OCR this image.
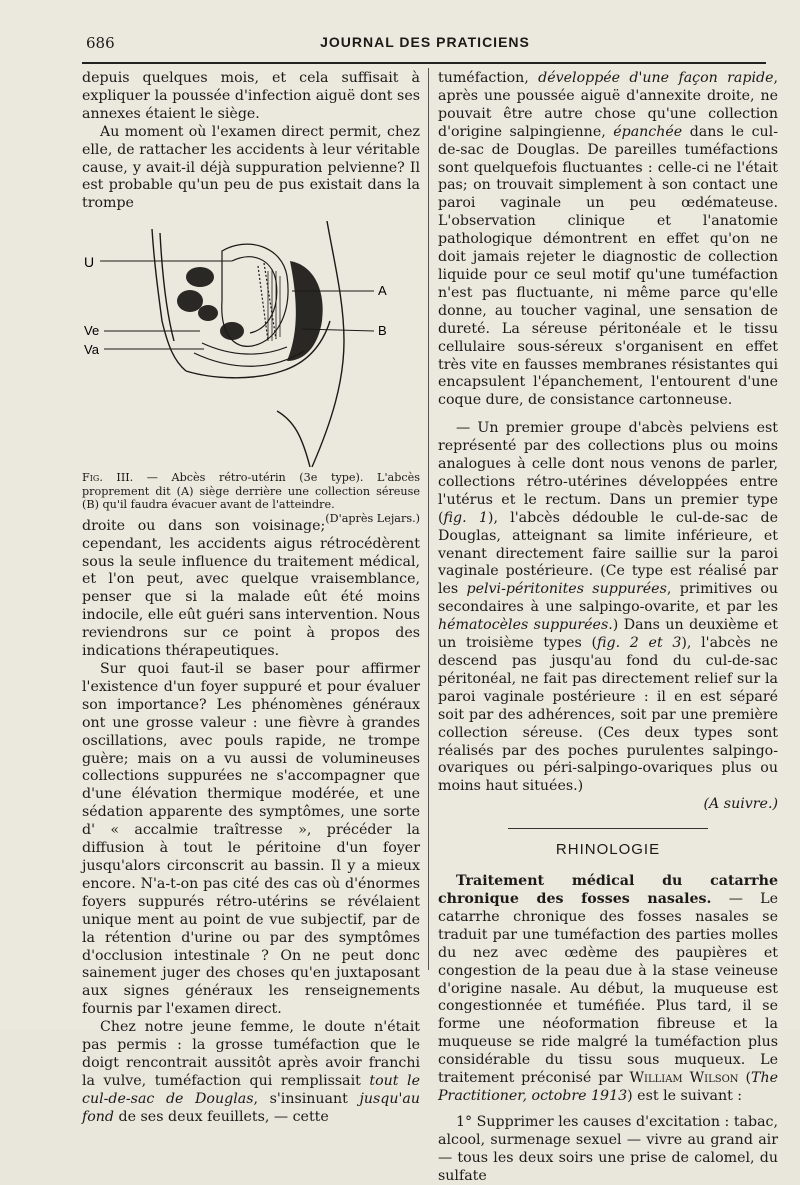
686	JOURNAL DES PRATICIENS

depuis quelques mois, et cela suffisait à expliquer la poussée d'infection aiguë dont ses annexes étaient le siège.

Au moment où l'examen direct permit, chez elle, de rattacher les accidents à leur véritable cause, y avait-il déjà suppuration pelvienne? Il est probable qu'un peu de pus existait dans la trompe

U
Ve
Va
A
B
Fig. III. — Abcès rétro-utérin (3e type). L'abcès proprement dit (A) siège derrière une collection séreuse (B) qu'il faudra évacuer avant de l'atteindre.
(D'après Lejars.)

droite ou dans son voisinage; cependant, les accidents aigus rétrocédèrent sous la seule influence du traitement médical, et l'on peut, avec quelque vraisemblance, penser que si la malade eût été moins indocile, elle eût guéri sans intervention. Nous reviendrons sur ce point à propos des indications thérapeutiques.

Sur quoi faut-il se baser pour affirmer l'existence d'un foyer suppuré et pour évaluer son importance? Les phénomènes généraux ont une grosse valeur : une fièvre à grandes oscillations, avec pouls rapide, ne trompe guère; mais on a vu aussi de volumineuses collections suppurées ne s'accompagner que d'une élévation thermique modérée, et une sédation apparente des symptômes, une sorte d' « accalmie traîtresse », précéder la diffusion à tout le péritoine d'un foyer jusqu'alors circonscrit au bassin. Il y a mieux encore. N'a-t-on pas cité des cas où d'énormes foyers suppurés rétro-utérins se révélaient unique ment au point de vue subjectif, par de la rétention d'urine ou par des symptômes d'occlusion intestinale ? On ne peut donc sainement juger des choses qu'en juxtaposant aux signes généraux les renseignements fournis par l'examen direct.

Chez notre jeune femme, le doute n'était pas permis : la grosse tuméfaction que le doigt rencontrait aussitôt après avoir franchi la vulve, tuméfaction qui remplissait tout le cul-de-sac de Douglas, s'insinuant jusqu'au fond de ses deux feuillets, — cette

tuméfaction, développée d'une façon rapide, après une poussée aiguë d'annexite droite, ne pouvait être autre chose qu'une collection d'origine salpingienne, épanchée dans le cul-de-sac de Douglas. De pareilles tuméfactions sont quelquefois fluctuantes : celle-ci ne l'était pas; on trouvait simplement à son contact une paroi vaginale un peu œdémateuse. L'observation clinique et l'anatomie pathologique démontrent en effet qu'on ne doit jamais rejeter le diagnostic de collection liquide pour ce seul motif qu'une tuméfaction n'est pas fluctuante, ni même parce qu'elle donne, au toucher vaginal, une sensation de dureté. La séreuse péritonéale et le tissu cellulaire sous-séreux s'organisent en effet très vite en fausses membranes résistantes qui encapsulent l'épanchement, l'entourent d'une coque dure, de consistance cartonneuse.

— Un premier groupe d'abcès pelviens est représenté par des collections plus ou moins analogues à celle dont nous venons de parler, collections rétro-utérines développées entre l'utérus et le rectum. Dans un premier type (fig. 1), l'abcès dédouble le cul-de-sac de Douglas, atteignant sa limite inférieure, et venant directement faire saillie sur la paroi vaginale postérieure. (Ce type est réalisé par les pelvi-péritonites suppurées, primitives ou secondaires à une salpingo-ovarite, et par les hématocèles suppurées.) Dans un deuxième et un troisième types (fig. 2 et 3), l'abcès ne descend pas jusqu'au fond du cul-de-sac péritonéal, ne fait pas directement relief sur la paroi vaginale postérieure : il en est séparé soit par des adhérences, soit par une première collection séreuse. (Ces deux types sont réalisés par des poches purulentes salpingo-ovariques ou péri-salpingo-ovariques plus ou moins haut situées.)

(A suivre.)

RHINOLOGIE

Traitement médical du catarrhe chronique des fosses nasales. — Le catarrhe chronique des fosses nasales se traduit par une tuméfaction des parties molles du nez avec œdème des paupières et congestion de la peau due à la stase veineuse d'origine nasale. Au début, la muqueuse est congestionnée et tuméfiée. Plus tard, il se forme une néoformation fibreuse et la muqueuse se ride malgré la tuméfaction plus considérable du tissu sous muqueux. Le traitement préconisé par William Wilson (The Practitioner, octobre 1913) est le suivant :

1° Supprimer les causes d'excitation : tabac, alcool, surmenage sexuel — vivre au grand air — tous les deux soirs une prise de calomel, du sulfate
